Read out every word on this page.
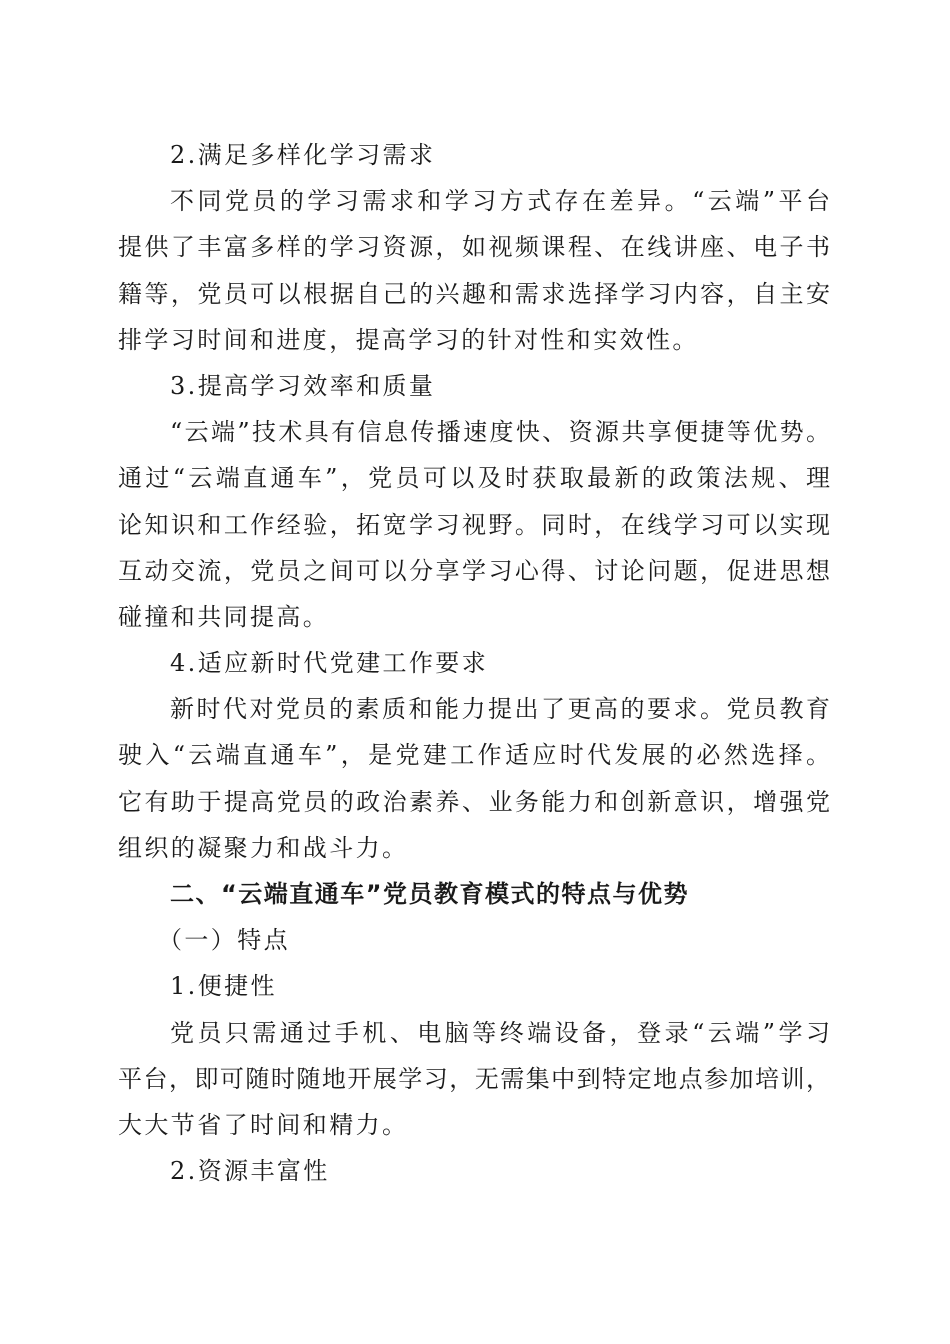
2.满足多样化学习需求
不同党员的学习需求和学习方式存在差异。“云端”平台
提供了丰富多样的学习资源，如视频课程、在线讲座、电子书
籍等，党员可以根据自己的兴趣和需求选择学习内容，自主安
排学习时间和进度，提高学习的针对性和实效性。
3.提高学习效率和质量
“云端”技术具有信息传播速度快、资源共享便捷等优势。
通过“云端直通车”，党员可以及时获取最新的政策法规、理
论知识和工作经验，拓宽学习视野。同时，在线学习可以实现
互动交流，党员之间可以分享学习心得、讨论问题，促进思想
碰撞和共同提高。
4.适应新时代党建工作要求
新时代对党员的素质和能力提出了更高的要求。党员教育
驶入“云端直通车”，是党建工作适应时代发展的必然选择。
它有助于提高党员的政治素养、业务能力和创新意识，增强党
组织的凝聚力和战斗力。
二、“云端直通车”党员教育模式的特点与优势
（一）特点
1.便捷性
党员只需通过手机、电脑等终端设备，登录“云端”学习
平台，即可随时随地开展学习，无需集中到特定地点参加培训，
大大节省了时间和精力。
2.资源丰富性
